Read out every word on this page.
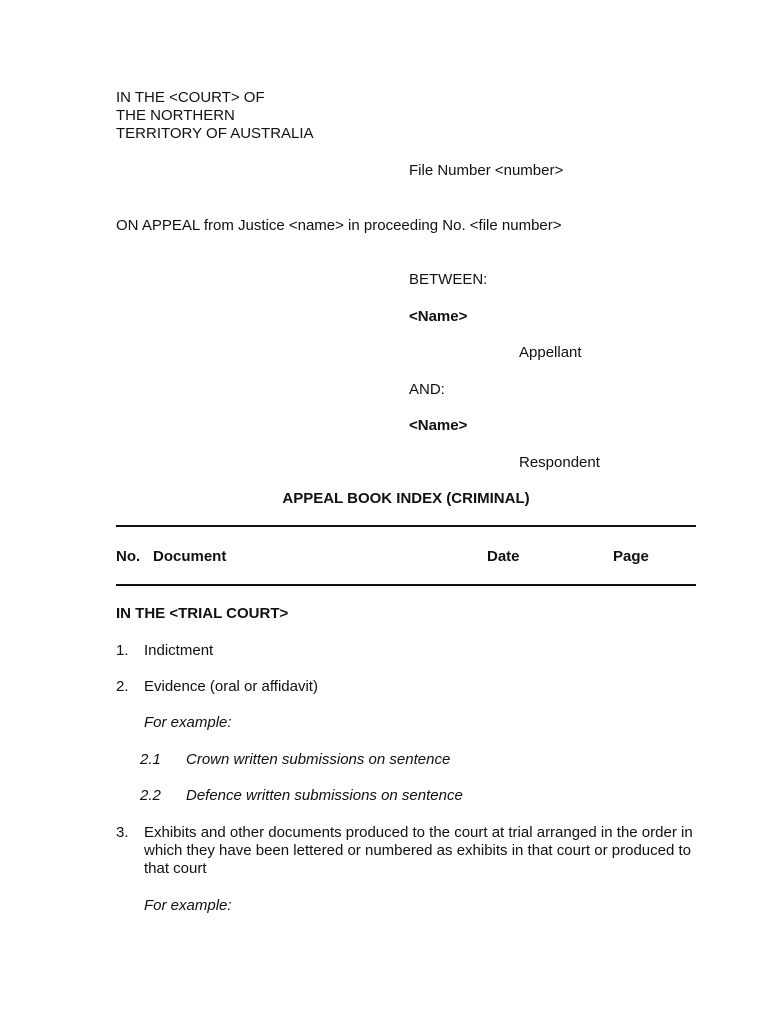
IN THE <COURT> OF
THE NORTHERN
TERRITORY OF AUSTRALIA
File Number <number>
ON APPEAL from Justice <name> in proceeding No. <file number>
BETWEEN:
<Name>
Appellant
AND:
<Name>
Respondent
APPEAL BOOK INDEX (CRIMINAL)
No. Document	Date	Page
IN THE <TRIAL COURT>
1. Indictment
2. Evidence (oral or affidavit)
For example:
2.1 Crown written submissions on sentence
2.2 Defence written submissions on sentence
3. Exhibits and other documents produced to the court at trial arranged in the order in which they have been lettered or numbered as exhibits in that court or produced to that court
For example:
